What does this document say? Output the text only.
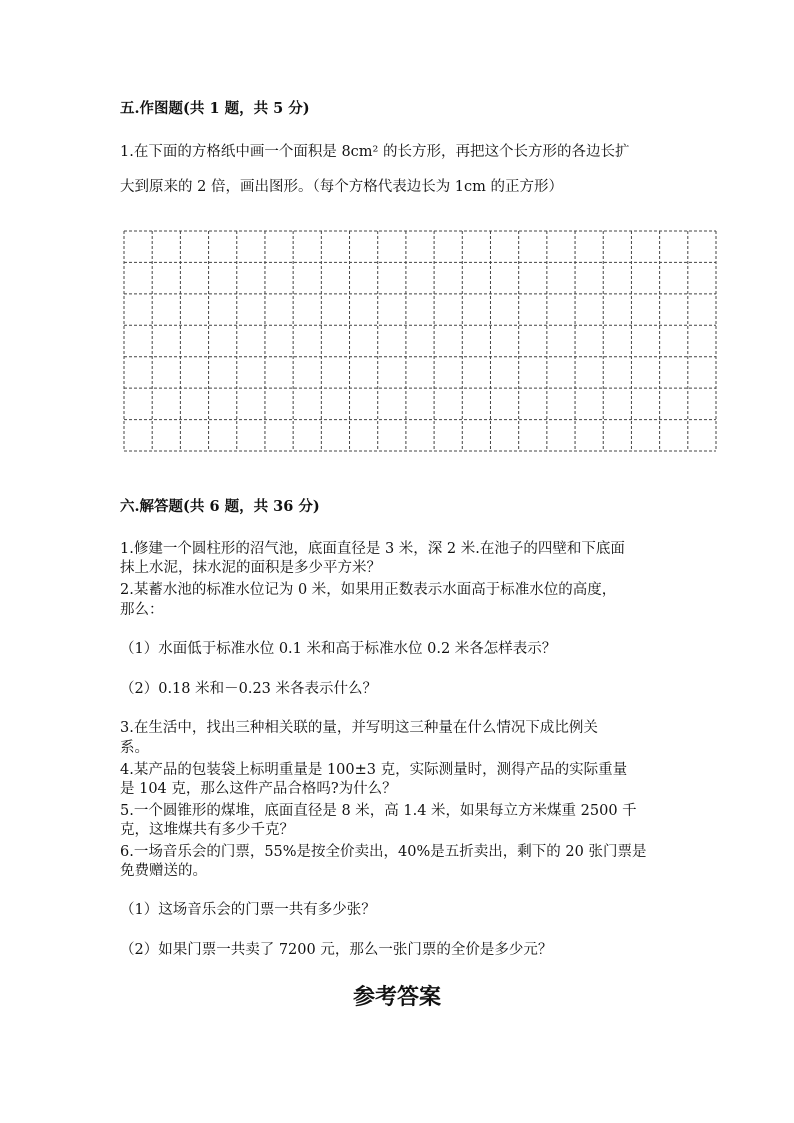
五.作图题(共 1 题，共 5 分)
1.在下面的方格纸中画一个面积是 8cm² 的长方形，再把这个长方形的各边长扩
大到原来的 2 倍，画出图形。（每个方格代表边长为 1cm 的正方形）
六.解答题(共 6 题，共 36 分)
1.修建一个圆柱形的沼气池，底面直径是 3 米，深 2 米.在池子的四壁和下底面
抹上水泥，抹水泥的面积是多少平方米？
2.某蓄水池的标准水位记为 0 米，如果用正数表示水面高于标准水位的高度，
那么：
（1）水面低于标准水位 0.1 米和高于标准水位 0.2 米各怎样表示？
（2）0.18 米和－0.23 米各表示什么？
3.在生活中，找出三种相关联的量，并写明这三种量在什么情况下成比例关
系。
4.某产品的包装袋上标明重量是 100±3 克，实际测量时，测得产品的实际重量
是 104 克，那么这件产品合格吗?为什么？
5.一个圆锥形的煤堆，底面直径是 8 米，高 1.4 米，如果每立方米煤重 2500 千
克，这堆煤共有多少千克？
6.一场音乐会的门票，55%是按全价卖出，40%是五折卖出，剩下的 20 张门票是
免费赠送的。
（1）这场音乐会的门票一共有多少张？
（2）如果门票一共卖了 7200 元，那么一张门票的全价是多少元？
参考答案
